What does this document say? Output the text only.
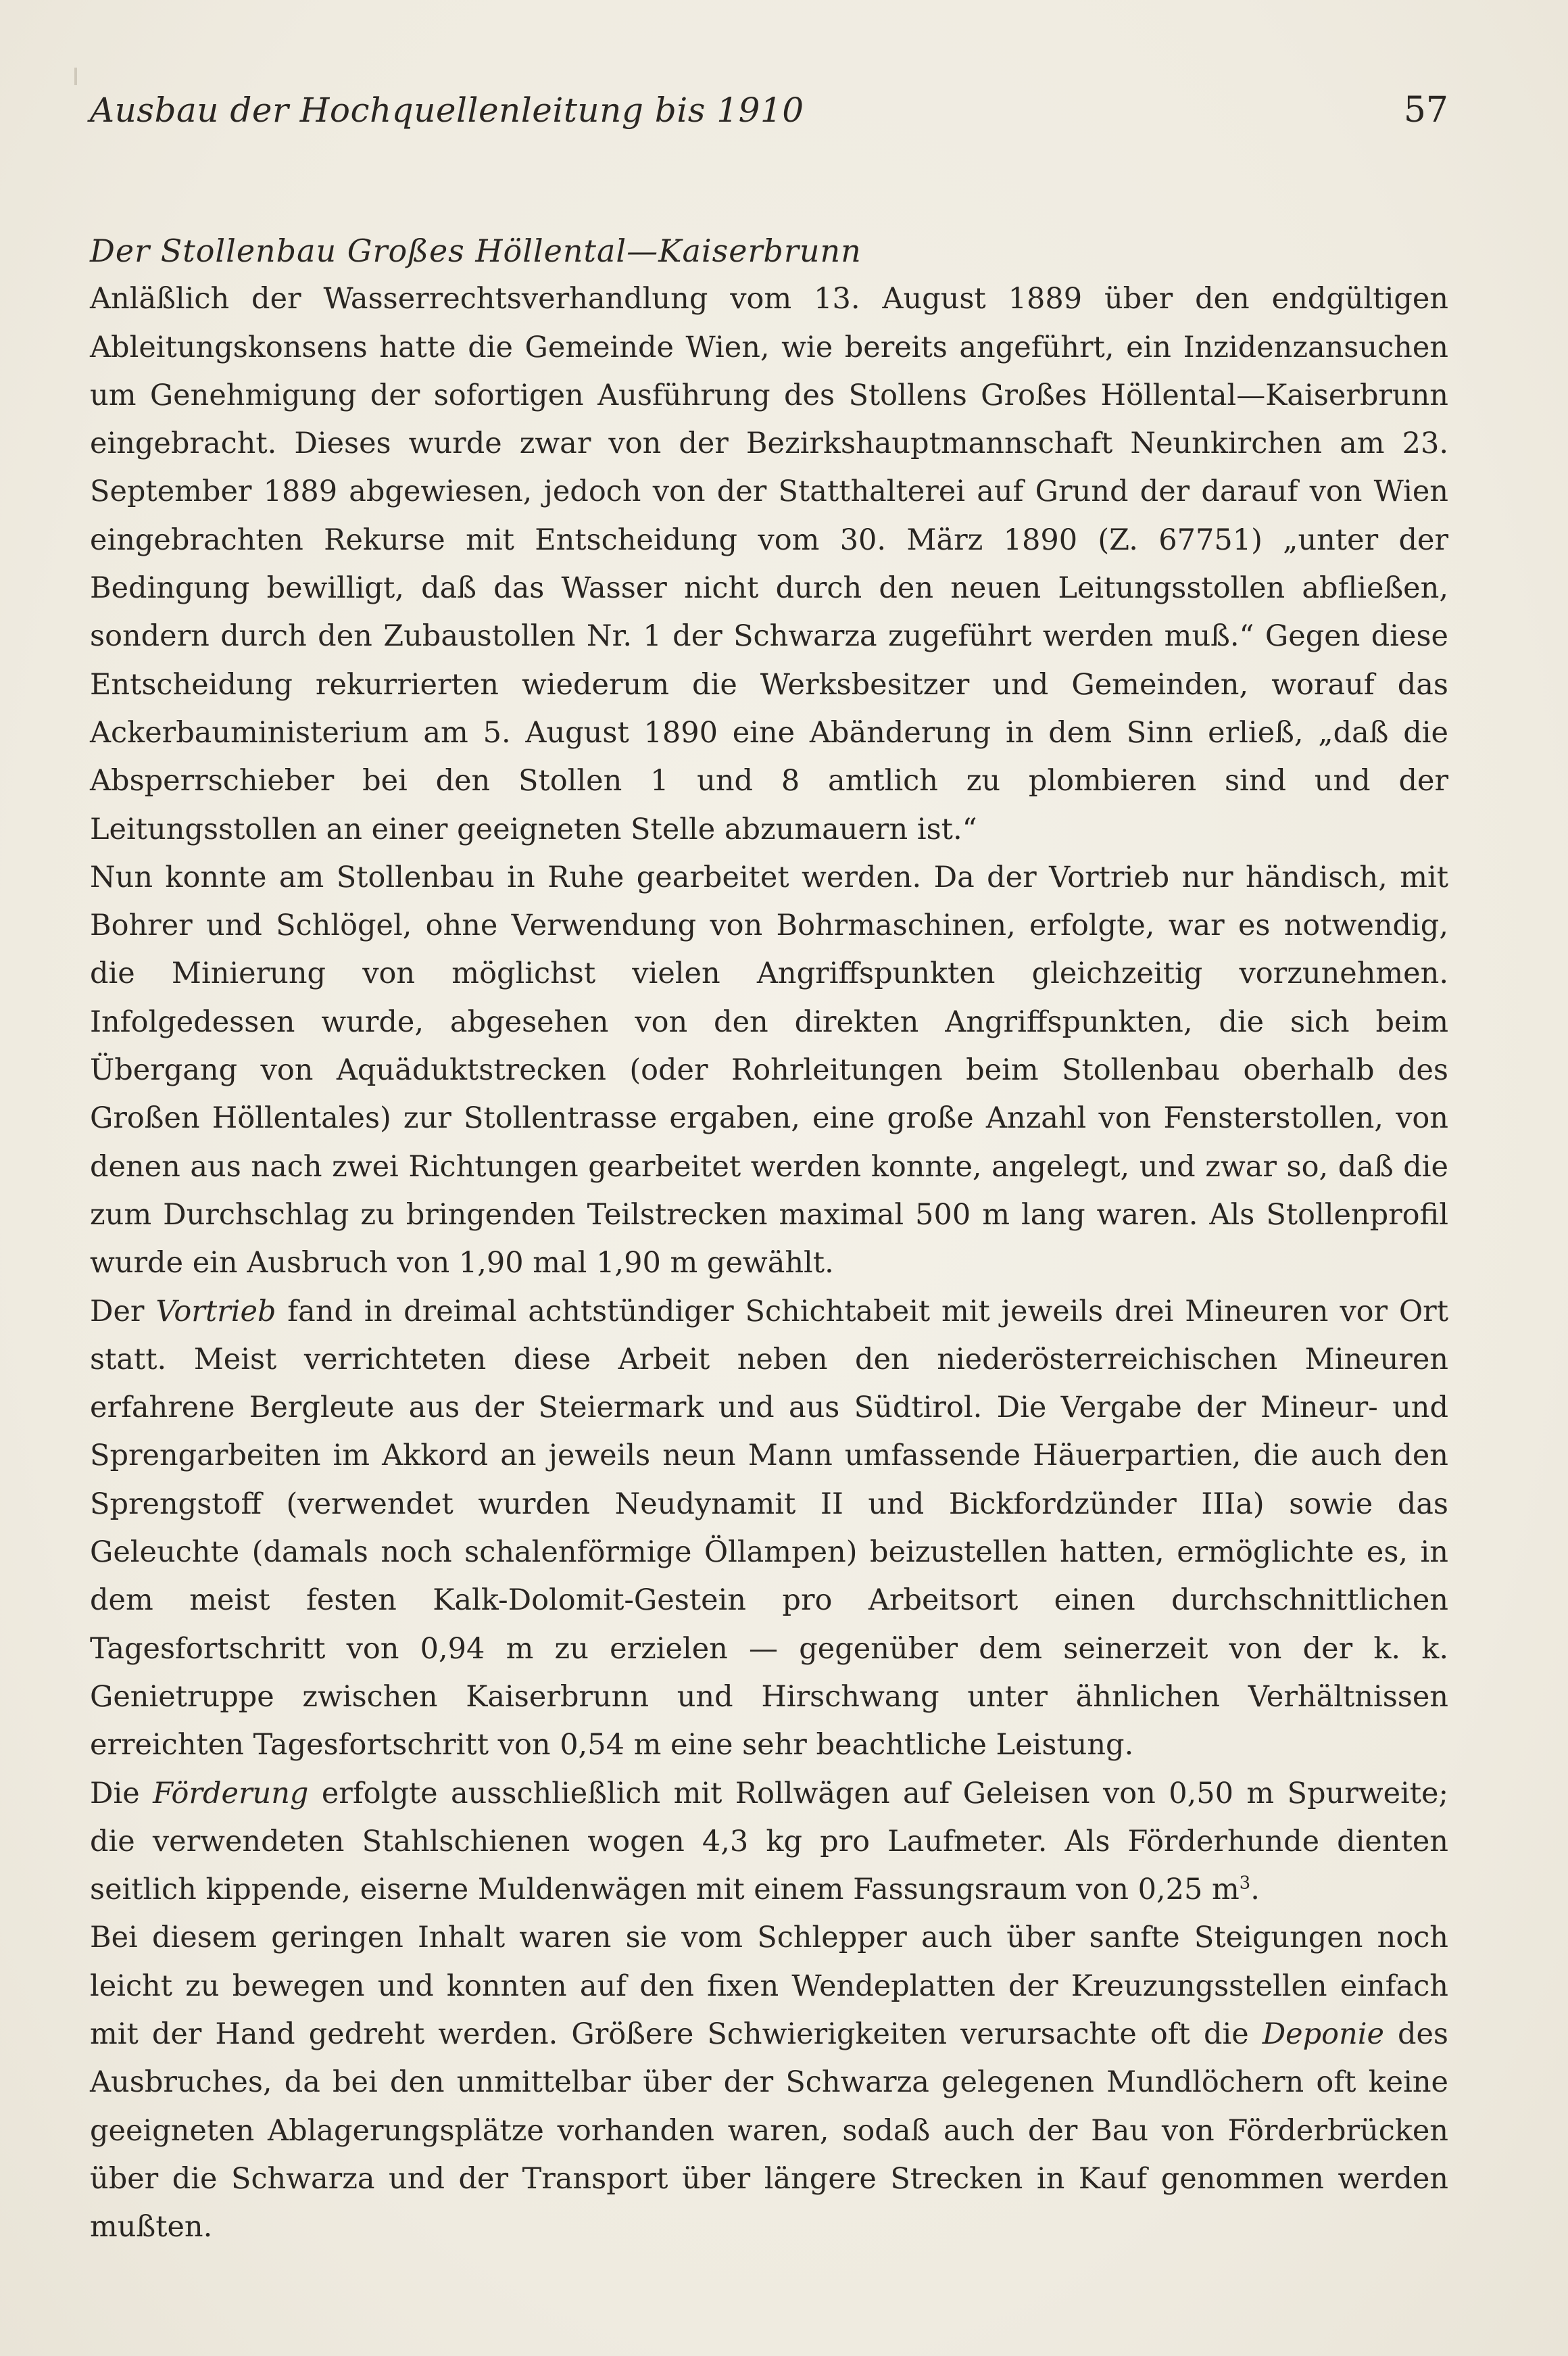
Ausbau der Hochquellenleitung bis 1910	57

Der Stollenbau Großes Höllental—Kaiserbrunn

Anläßlich der Wasserrechtsverhandlung vom 13. August 1889 über den endgültigen Ableitungskonsens hatte die Gemeinde Wien, wie bereits angeführt, ein Inzidenzansuchen um Genehmigung der sofortigen Ausführung des Stollens Großes Höllental—Kaiserbrunn eingebracht. Dieses wurde zwar von der Bezirkshauptmannschaft Neunkirchen am 23. September 1889 abgewiesen, jedoch von der Statthalterei auf Grund der darauf von Wien eingebrachten Rekurse mit Entscheidung vom 30. März 1890 (Z. 67751) „unter der Bedingung bewilligt, daß das Wasser nicht durch den neuen Leitungsstollen abfließen, sondern durch den Zubaustollen Nr. 1 der Schwarza zugeführt werden muß.“ Gegen diese Entscheidung rekurrierten wiederum die Werksbesitzer und Gemeinden, worauf das Ackerbauministerium am 5. August 1890 eine Abänderung in dem Sinn erließ, „daß die Absperrschieber bei den Stollen 1 und 8 amtlich zu plombieren sind und der Leitungsstollen an einer geeigneten Stelle abzumauern ist.“

Nun konnte am Stollenbau in Ruhe gearbeitet werden. Da der Vortrieb nur händisch, mit Bohrer und Schlögel, ohne Verwendung von Bohrmaschinen, erfolgte, war es notwendig, die Minierung von möglichst vielen Angriffspunkten gleichzeitig vorzunehmen. Infolgedessen wurde, abgesehen von den direkten Angriffspunkten, die sich beim Übergang von Aquäduktstrecken (oder Rohrleitungen beim Stollenbau oberhalb des Großen Höllentales) zur Stollentrasse ergaben, eine große Anzahl von Fensterstollen, von denen aus nach zwei Richtungen gearbeitet werden konnte, angelegt, und zwar so, daß die zum Durchschlag zu bringenden Teilstrecken maximal 500 m lang waren. Als Stollenprofil wurde ein Ausbruch von 1,90 mal 1,90 m gewählt.

Der Vortrieb fand in dreimal achtstündiger Schichtabeit mit jeweils drei Mineuren vor Ort statt. Meist verrichteten diese Arbeit neben den niederösterreichischen Mineuren erfahrene Bergleute aus der Steiermark und aus Südtirol. Die Vergabe der Mineur- und Sprengarbeiten im Akkord an jeweils neun Mann umfassende Häuerpartien, die auch den Sprengstoff (verwendet wurden Neudynamit II und Bickfordzünder IIIa) sowie das Geleuchte (damals noch schalenförmige Öllampen) beizustellen hatten, ermöglichte es, in dem meist festen Kalk-Dolomit-Gestein pro Arbeitsort einen durchschnittlichen Tagesfortschritt von 0,94 m zu erzielen — gegenüber dem seinerzeit von der k. k. Genietruppe zwischen Kaiserbrunn und Hirschwang unter ähnlichen Verhältnissen erreichten Tagesfortschritt von 0,54 m eine sehr beachtliche Leistung.

Die Förderung erfolgte ausschließlich mit Rollwägen auf Geleisen von 0,50 m Spurweite; die verwendeten Stahlschienen wogen 4,3 kg pro Laufmeter. Als Förderhunde dienten seitlich kippende, eiserne Muldenwägen mit einem Fassungsraum von 0,25 $m^3$.

Bei diesem geringen Inhalt waren sie vom Schlepper auch über sanfte Steigungen noch leicht zu bewegen und konnten auf den fixen Wendeplatten der Kreuzungsstellen einfach mit der Hand gedreht werden. Größere Schwierigkeiten verursachte oft die Deponie des Ausbruches, da bei den unmittelbar über der Schwarza gelegenen Mundlöchern oft keine geeigneten Ablagerungsplätze vorhanden waren, sodaß auch der Bau von Förderbrücken über die Schwarza und der Transport über längere Strecken in Kauf genommen werden mußten.
